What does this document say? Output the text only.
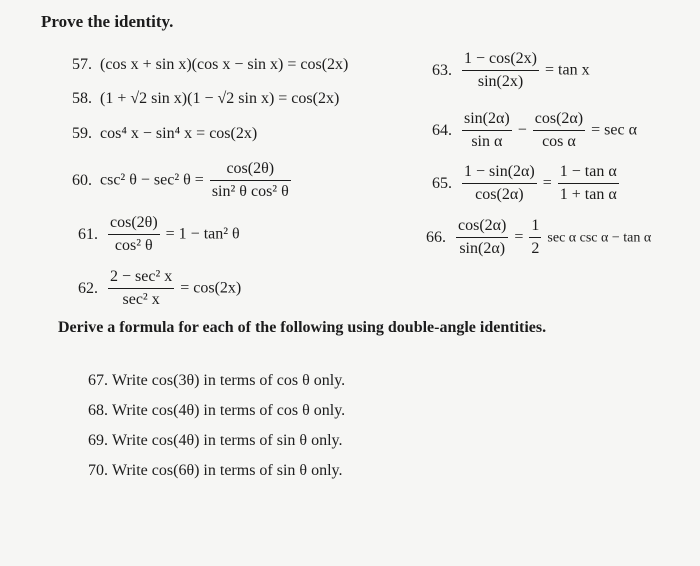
Prove the identity.
57. (cos x + sin x)(cos x − sin x) = cos(2x)
58. (1 + √2 sin x)(1 − √2 sin x) = cos(2x)
59. cos⁴ x − sin⁴ x = cos(2x)
60. csc² θ − sec² $\theta = \frac{\cos(2\theta)}{\text{sin² θ cos² θ}}$
61. $\frac{\cos(2\theta)}{\text{cos² θ}} = 1 - \tan^2$ θ
62. $\frac{\text{2 − sec² x}}{\text{sec² x}} = \cos(2x)$
63. $\frac{1 - \cos(2x)}{\sin(2x)} = \tan x$
64. $\frac{\sin(2\alpha)}{\text{sin α}} - \frac{\cos(2\alpha)}{\text{cos α}} = \sec \alpha$
65. $\frac{1 - \sin(2\alpha)}{\cos(2\alpha)} = \frac{\text{1 − tan α}}{\text{1 + tan α}}$
66. $\frac{\cos(2\alpha)}{\sin(2\alpha)} = \frac{1}{2}$ sec α csc α − tan α
Derive a formula for each of the following using double-angle identities.
67. Write cos(3θ) in terms of cos θ only.
68. Write cos(4θ) in terms of cos θ only.
69. Write cos(4θ) in terms of sin θ only.
70. Write cos(6θ) in terms of sin θ only.
